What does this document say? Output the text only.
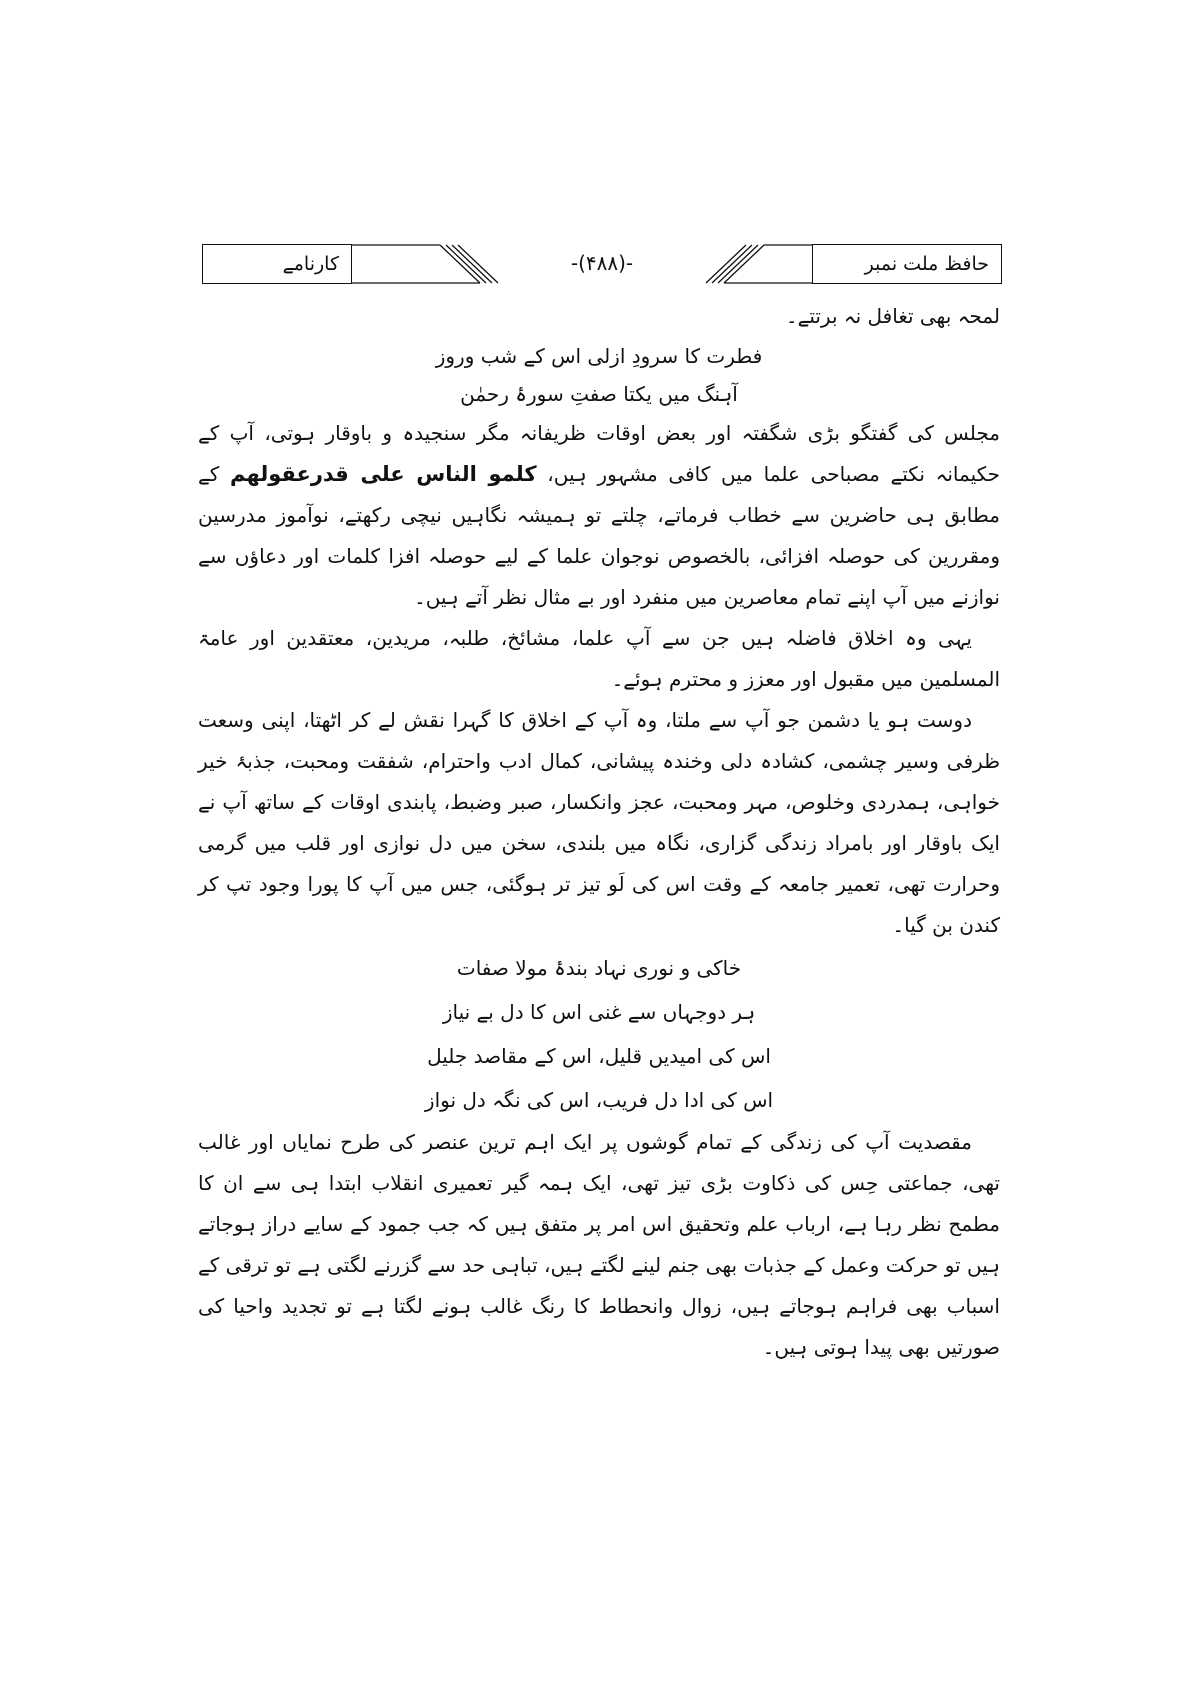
کارنامے	-(۴۸۸)-	حافظ ملت نمبر

لمحہ بھی تغافل نہ برتتے۔

فطرت کا سرودِ ازلی اس کے شب وروز
آہنگ میں یکتا صفتِ سورۂ رحمٰن

مجلس کی گفتگو بڑی شگفتہ اور بعض اوقات ظریفانہ مگر سنجیدہ و باوقار ہوتی، آپ کے حکیمانہ نکتے مصباحی علما میں کافی مشہور ہیں، کلمو الناس علی قدرعقولھم کے مطابق ہی حاضرین سے خطاب فرماتے، چلتے تو ہمیشہ نگاہیں نیچی رکھتے، نوآموز مدرسین ومقررین کی حوصلہ افزائی، بالخصوص نوجوان علما کے لیے حوصلہ افزا کلمات اور دعاؤں سے نوازنے میں آپ اپنے تمام معاصرین میں منفرد اور بے مثال نظر آتے ہیں۔

یہی وہ اخلاق فاضلہ ہیں جن سے آپ علما، مشائخ، طلبہ، مریدین، معتقدین اور عامۃ المسلمین میں مقبول اور معزز و محترم ہوئے۔

دوست ہو یا دشمن جو آپ سے ملتا، وہ آپ کے اخلاق کا گہرا نقش لے کر اٹھتا، اپنی وسعت ظرفی وسیر چشمی، کشادہ دلی وخندہ پیشانی، کمال ادب واحترام، شفقت ومحبت، جذبۂ خیر خواہی، ہمدردی وخلوص، مہر ومحبت، عجز وانکسار، صبر وضبط، پابندی اوقات کے ساتھ آپ نے ایک باوقار اور بامراد زندگی گزاری، نگاہ میں بلندی، سخن میں دل نوازی اور قلب میں گرمی وحرارت تھی، تعمیر جامعہ کے وقت اس کی لَو تیز تر ہوگئی، جس میں آپ کا پورا وجود تپ کر کندن بن گیا۔

خاکی و نوری نہاد بندۂ مولا صفات
ہر دوجہاں سے غنی اس کا دل بے نیاز
اس کی امیدیں قلیل، اس کے مقاصد جلیل
اس کی ادا دل فریب، اس کی نگہ دل نواز

مقصدیت آپ کی زندگی کے تمام گوشوں پر ایک اہم ترین عنصر کی طرح نمایاں اور غالب تھی، جماعتی حِس کی ذکاوت بڑی تیز تھی، ایک ہمہ گیر تعمیری انقلاب ابتدا ہی سے ان کا مطمح نظر رہا ہے، ارباب علم وتحقیق اس امر پر متفق ہیں کہ جب جمود کے سایے دراز ہوجاتے ہیں تو حرکت وعمل کے جذبات بھی جنم لینے لگتے ہیں، تباہی حد سے گزرنے لگتی ہے تو ترقی کے اسباب بھی فراہم ہوجاتے ہیں، زوال وانحطاط کا رنگ غالب ہونے لگتا ہے تو تجدید واحیا کی صورتیں بھی پیدا ہوتی ہیں۔
